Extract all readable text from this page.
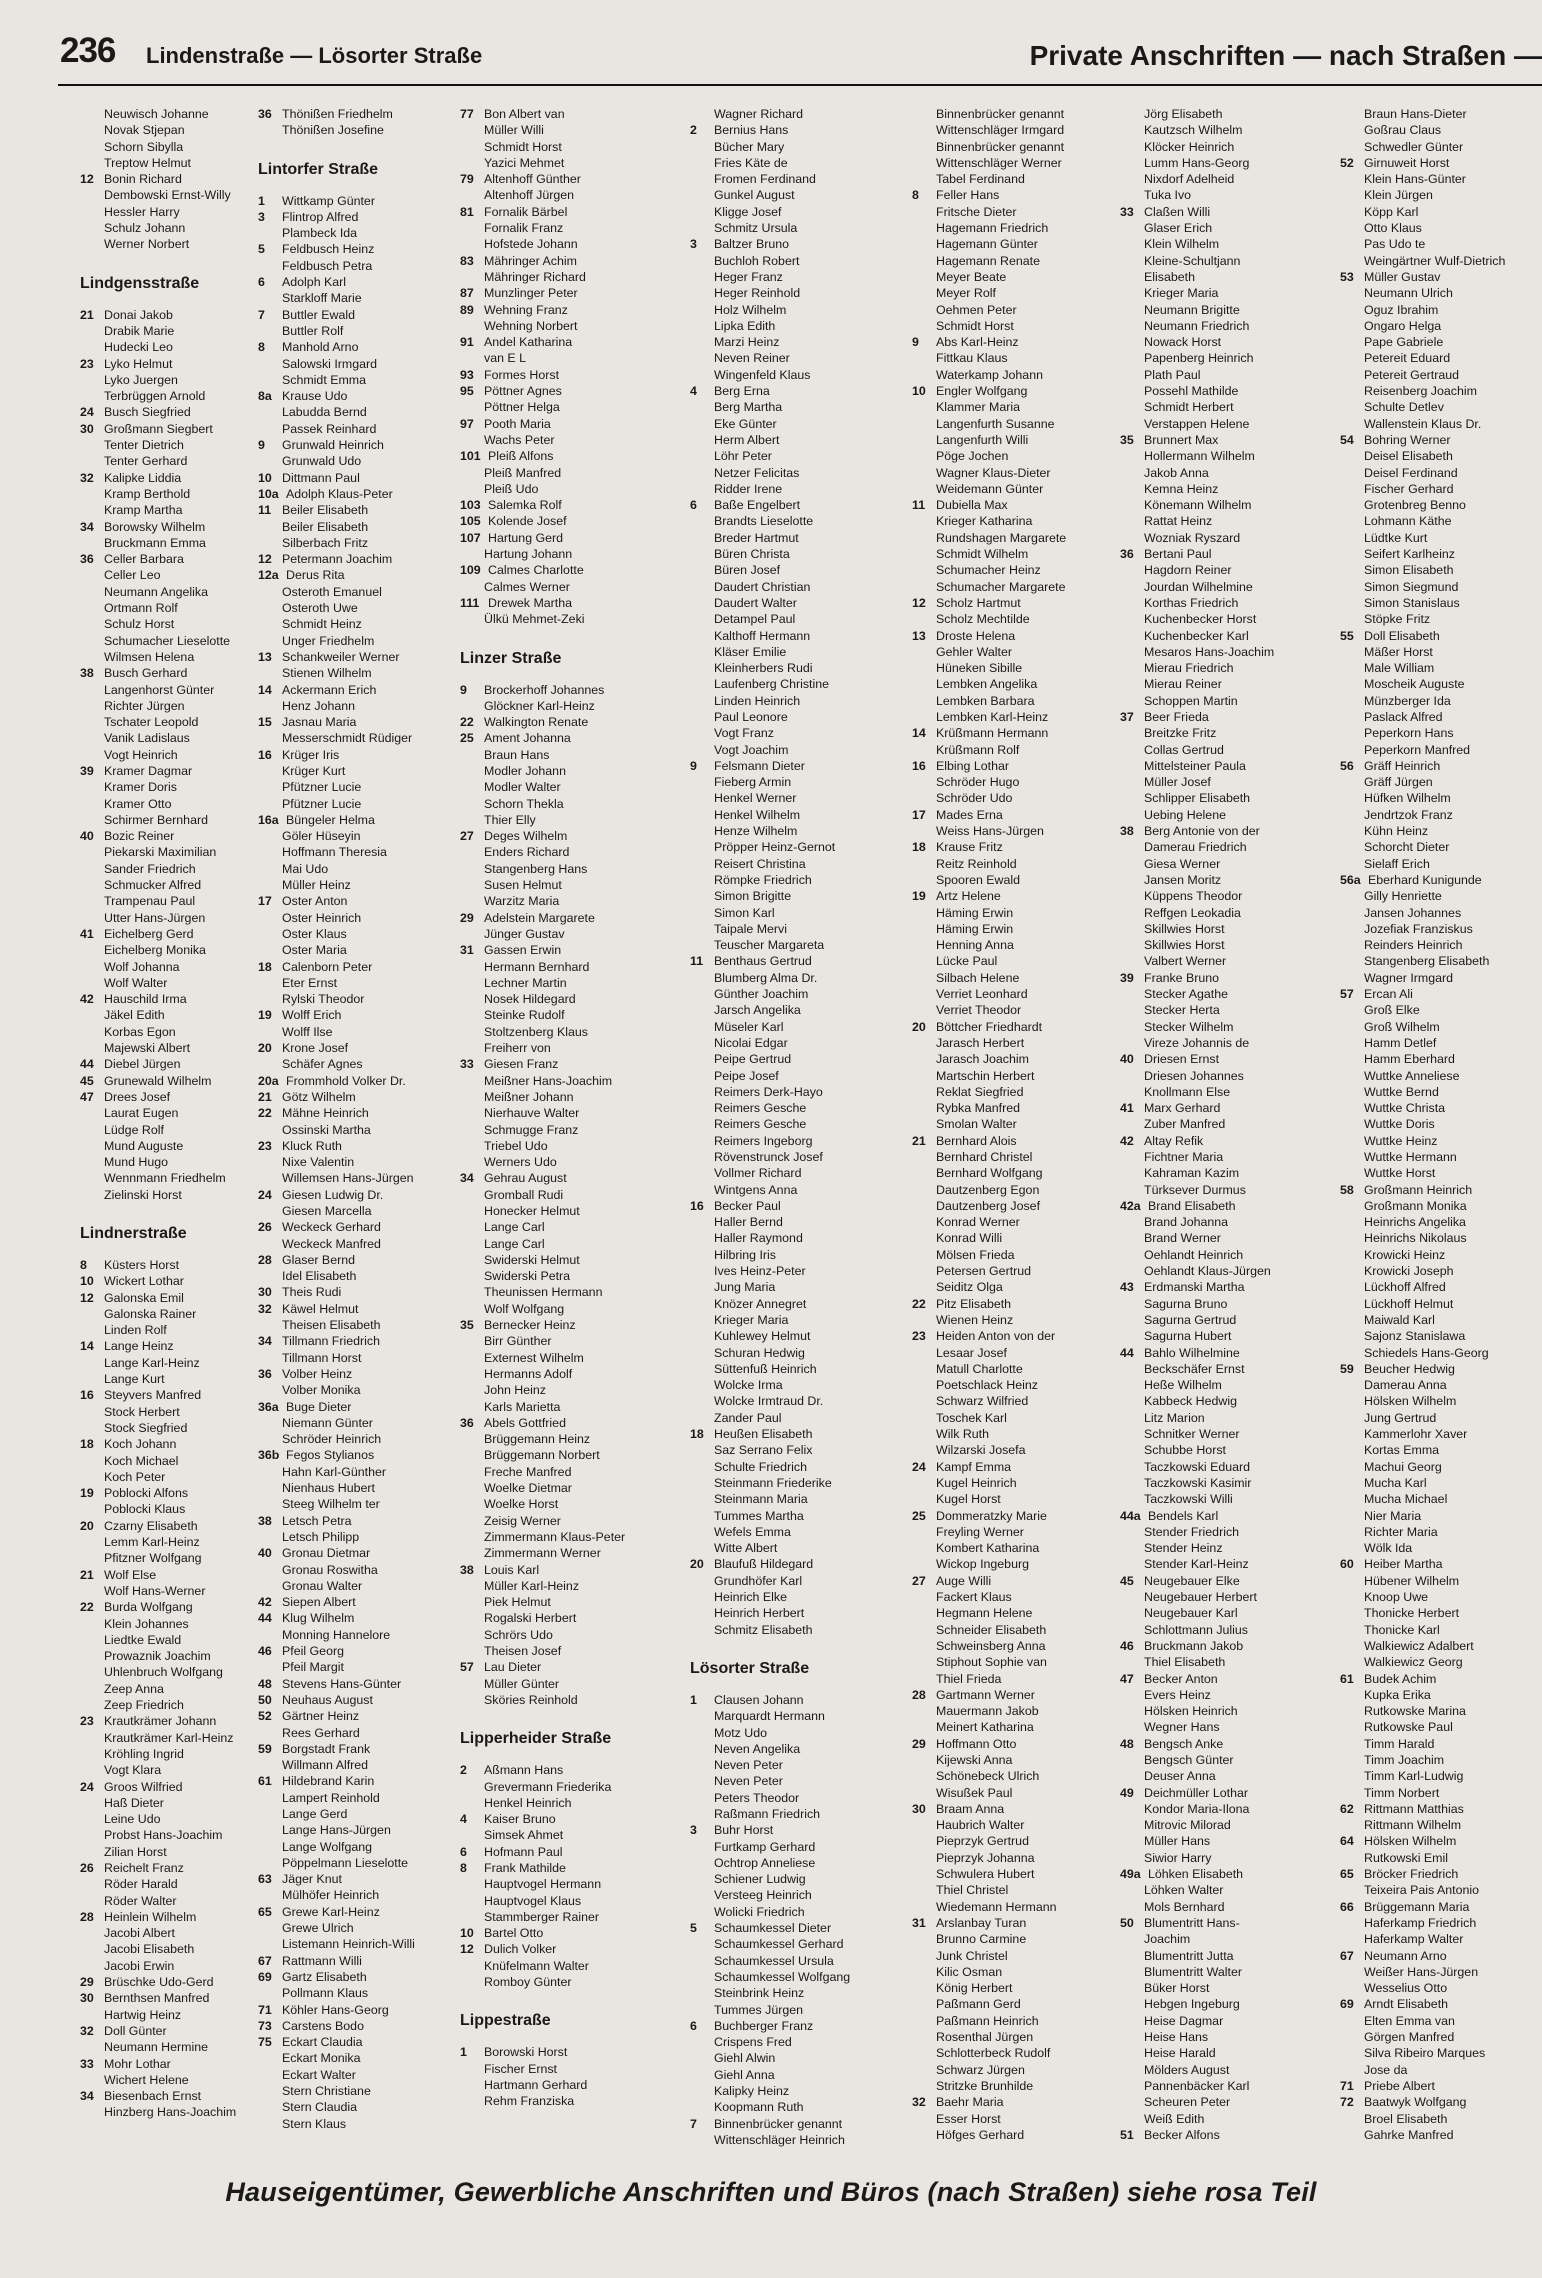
236 Lindenstraße — Lösorter Straße	Private Anschriften — nach Straßen —
Neuwisch Johanne
Novak Stjepan
Schorn Sibylla
Treptow Helmut
12 Bonin Richard
Dembowski Ernst-Willy
Hessler Harry
Schulz Johann
Werner Norbert
Lindgensstraße
21 Donai Jakob
Drabik Marie
Hudecki Leo
23 Lyko Helmut
Lyko Juergen
Terbrüggen Arnold
24 Busch Siegfried
30 Großmann Siegbert
Tenter Dietrich
Tenter Gerhard
32 Kalipke Liddia
Kramp Berthold
Kramp Martha
34 Borowsky Wilhelm
Bruckmann Emma
36 Celler Barbara
Celler Leo
Neumann Angelika
Ortmann Rolf
Schulz Horst
Schumacher Lieselotte
Wilmsen Helena
38 Busch Gerhard
Langenhorst Günter
Richter Jürgen
Tschater Leopold
Vanik Ladislaus
Vogt Heinrich
39 Kramer Dagmar
Kramer Doris
Kramer Otto
Schirmer Bernhard
40 Bozic Reiner
Piekarski Maximilian
Sander Friedrich
Schmucker Alfred
Trampenau Paul
Utter Hans-Jürgen
41 Eichelberg Gerd
Eichelberg Monika
Wolf Johanna
Wolf Walter
42 Hauschild Irma
Jäkel Edith
Korbas Egon
Majewski Albert
44 Diebel Jürgen
45 Grunewald Wilhelm
47 Drees Josef
Laurat Eugen
Lüdge Rolf
Mund Auguste
Mund Hugo
Wennmann Friedhelm
Zielinski Horst
Lindnerstraße
8 Küsters Horst
10 Wickert Lothar
12 Galonska Emil
Galonska Rainer
Linden Rolf
14 Lange Heinz
Lange Karl-Heinz
Lange Kurt
16 Steyvers Manfred
Stock Herbert
Stock Siegfried
18 Koch Johann
Koch Michael
Koch Peter
19 Poblocki Alfons
Poblocki Klaus
20 Czarny Elisabeth
Lemm Karl-Heinz
Pfitzner Wolfgang
21 Wolf Else
Wolf Hans-Werner
22 Burda Wolfgang
Klein Johannes
Liedtke Ewald
Prowaznik Joachim
Uhlenbruch Wolfgang
Zeep Anna
Zeep Friedrich
23 Krautkrämer Johann
Krautkrämer Karl-Heinz
Kröhling Ingrid
Vogt Klara
24 Groos Wilfried
Haß Dieter
Leine Udo
Probst Hans-Joachim
Zilian Horst
26 Reichelt Franz
Röder Harald
Röder Walter
28 Heinlein Wilhelm
Jacobi Albert
Jacobi Elisabeth
Jacobi Erwin
29 Brüschke Udo-Gerd
30 Bernthsen Manfred
Hartwig Heinz
32 Doll Günter
Neumann Hermine
33 Mohr Lothar
Wichert Helene
34 Biesenbach Ernst
Hinzberg Hans-Joachim
36 Thönißen Friedhelm
Thönißen Josefine
Lintorfer Straße
1 Wittkamp Günter
3 Flintrop Alfred
Plambeck Ida
5 Feldbusch Heinz
Feldbusch Petra
6 Adolph Karl
Starkloff Marie
7 Buttler Ewald
Buttler Rolf
8 Manhold Arno
Salowski Irmgard
Schmidt Emma
8a Krause Udo
Labudda Bernd
Passek Reinhard
9 Grunwald Heinrich
Grunwald Udo
10 Dittmann Paul
10a Adolph Klaus-Peter
11 Beiler Elisabeth
Beiler Elisabeth
Silberbach Fritz
12 Petermann Joachim
12a Derus Rita
Osteroth Emanuel
Osteroth Uwe
Schmidt Heinz
Unger Friedhelm
13 Schankweiler Werner
Stienen Wilhelm
14 Ackermann Erich
Henz Johann
15 Jasnau Maria
Messerschmidt Rüdiger
16 Krüger Iris
Krüger Kurt
Pfützner Lucie
Pfützner Lucie
16a Büngeler Helma
Göler Hüseyin
Hoffmann Theresia
Mai Udo
Müller Heinz
17 Oster Anton
Oster Heinrich
Oster Klaus
Oster Maria
18 Calenborn Peter
Eter Ernst
Rylski Theodor
19 Wolff Erich
Wolff Ilse
20 Krone Josef
Schäfer Agnes
20a Frommhold Volker Dr.
21 Götz Wilhelm
22 Mähne Heinrich
Ossinski Martha
23 Kluck Ruth
Nixe Valentin
Willemsen Hans-Jürgen
24 Giesen Ludwig Dr.
Giesen Marcella
26 Weckeck Gerhard
Weckeck Manfred
28 Glaser Bernd
Idel Elisabeth
30 Theis Rudi
32 Käwel Helmut
Theisen Elisabeth
34 Tillmann Friedrich
Tillmann Horst
36 Volber Heinz
Volber Monika
36a Buge Dieter
Niemann Günter
Schröder Heinrich
36b Fegos Stylianos
Hahn Karl-Günther
Nienhaus Hubert
Steeg Wilhelm ter
38 Letsch Petra
Letsch Philipp
40 Gronau Dietmar
Gronau Roswitha
Gronau Walter
42 Siepen Albert
44 Klug Wilhelm
Monning Hannelore
46 Pfeil Georg
Pfeil Margit
48 Stevens Hans-Günter
50 Neuhaus August
52 Gärtner Heinz
Rees Gerhard
59 Borgstadt Frank
Willmann Alfred
61 Hildebrand Karin
Lampert Reinhold
Lange Gerd
Lange Hans-Jürgen
Lange Wolfgang
Pöppelmann Lieselotte
63 Jäger Knut
Mülhöfer Heinrich
65 Grewe Karl-Heinz
Grewe Ulrich
Listemann Heinrich-Willi
67 Rattmann Willi
69 Gartz Elisabeth
Pollmann Klaus
71 Köhler Hans-Georg
73 Carstens Bodo
75 Eckart Claudia
Eckart Monika
Eckart Walter
Stern Christiane
Stern Claudia
Stern Klaus
77 Bon Albert van
Müller Willi
Schmidt Horst
Yazici Mehmet
79 Altenhoff Günther
Altenhoff Jürgen
81 Fornalik Bärbel
Fornalik Franz
Hofstede Johann
83 Mähringer Achim
Mähringer Richard
87 Munzlinger Peter
89 Wehning Franz
Wehning Norbert
91 Andel Katharina
van E L
93 Formes Horst
95 Pöttner Agnes
Pöttner Helga
97 Pooth Maria
Wachs Peter
101 Pleiß Alfons
Pleiß Manfred
Pleiß Udo
103 Salemka Rolf
105 Kolende Josef
107 Hartung Gerd
Hartung Johann
109 Calmes Charlotte
Calmes Werner
111 Drewek Martha
Ülkü Mehmet-Zeki
Linzer Straße
9 Brockerhoff Johannes
Glöckner Karl-Heinz
22 Walkington Renate
25 Ament Johanna
Braun Hans
Modler Johann
Modler Walter
Schorn Thekla
Thier Elly
27 Deges Wilhelm
Enders Richard
Stangenberg Hans
Susen Helmut
Warzitz Maria
29 Adelstein Margarete
Jünger Gustav
31 Gassen Erwin
Hermann Bernhard
Lechner Martin
Nosek Hildegard
Steinke Rudolf
Stoltzenberg Klaus
Freiherr von
33 Giesen Franz
Meißner Hans-Joachim
Meißner Johann
Nierhauve Walter
Schmugge Franz
Triebel Udo
Werners Udo
34 Gehrau August
Gromball Rudi
Honecker Helmut
Lange Carl
Lange Carl
Swiderski Helmut
Swiderski Petra
Theunissen Hermann
Wolf Wolfgang
35 Bernecker Heinz
Birr Günther
Externest Wilhelm
Hermanns Adolf
John Heinz
Karls Marietta
36 Abels Gottfried
Brüggemann Heinz
Brüggemann Norbert
Freche Manfred
Woelke Dietmar
Woelke Horst
Zeisig Werner
Zimmermann Klaus-Peter
Zimmermann Werner
38 Louis Karl
Müller Karl-Heinz
Piek Helmut
Rogalski Herbert
Schrörs Udo
Theisen Josef
57 Lau Dieter
Müller Günter
Sköries Reinhold
Lipperheider Straße
2 Aßmann Hans
Grevermann Friederika
Henkel Heinrich
4 Kaiser Bruno
Simsek Ahmet
6 Hofmann Paul
8 Frank Mathilde
Hauptvogel Hermann
Hauptvogel Klaus
Stammberger Rainer
10 Bartel Otto
12 Dulich Volker
Knüfelmann Walter
Romboy Günter
Lippestraße
1 Borowski Horst
Fischer Ernst
Hartmann Gerhard
Rehm Franziska
Wagner Richard
2 Bernius Hans
Bücher Mary
Fries Käte de
Fromen Ferdinand
Gunkel August
Kligge Josef
Schmitz Ursula
3 Baltzer Bruno
Buchloh Robert
Heger Franz
Heger Reinhold
Holz Wilhelm
Lipka Edith
Marzi Heinz
Neven Reiner
Wingenfeld Klaus
4 Berg Erna
Berg Martha
Eke Günter
Herm Albert
Löhr Peter
Netzer Felicitas
Ridder Irene
6 Baße Engelbert
Brandts Lieselotte
Breder Hartmut
Büren Christa
Büren Josef
Daudert Christian
Daudert Walter
Detampel Paul
Kalthoff Hermann
Kläser Emilie
Kleinherbers Rudi
Laufenberg Christine
Linden Heinrich
Paul Leonore
Vogt Franz
Vogt Joachim
9 Felsmann Dieter
Fieberg Armin
Henkel Werner
Henkel Wilhelm
Henze Wilhelm
Pröpper Heinz-Gernot
Reisert Christina
Römpke Friedrich
Simon Brigitte
Simon Karl
Taipale Mervi
Teuscher Margareta
11 Benthaus Gertrud
Blumberg Alma Dr.
Günther Joachim
Jarsch Angelika
Müseler Karl
Nicolai Edgar
Peipe Gertrud
Peipe Josef
Reimers Derk-Hayo
Reimers Gesche
Reimers Gesche
Reimers Ingeborg
Rövenstrunck Josef
Vollmer Richard
Wintgens Anna
16 Becker Paul
Haller Bernd
Haller Raymond
Hilbring Iris
Ives Heinz-Peter
Jung Maria
Knözer Annegret
Krieger Maria
Kuhlewey Helmut
Schuran Hedwig
Süttenfuß Heinrich
Wolcke Irma
Wolcke Irmtraud Dr.
Zander Paul
18 Heußen Elisabeth
Saz Serrano Felix
Schulte Friedrich
Steinmann Friederike
Steinmann Maria
Tummes Martha
Wefels Emma
Witte Albert
20 Blaufuß Hildegard
Grundhöfer Karl
Heinrich Elke
Heinrich Herbert
Schmitz Elisabeth
Lösorter Straße
1 Clausen Johann
Marquardt Hermann
Motz Udo
Neven Angelika
Neven Peter
Neven Peter
Peters Theodor
Raßmann Friedrich
3 Buhr Horst
Furtkamp Gerhard
Ochtrop Anneliese
Schiener Ludwig
Versteeg Heinrich
Wolicki Friedrich
5 Schaumkessel Dieter
Schaumkessel Gerhard
Schaumkessel Ursula
Schaumkessel Wolfgang
Steinbrink Heinz
Tummes Jürgen
6 Buchberger Franz
Crispens Fred
Giehl Alwin
Giehl Anna
Kalipky Heinz
Koopmann Ruth
7 Binnenbrücker genannt
Wittenschläger Heinrich
Binnenbrücker genannt
Wittenschläger Irmgard
Binnenbrücker genannt
Wittenschläger Werner
Tabel Ferdinand
8 Feller Hans
Fritsche Dieter
Hagemann Friedrich
Hagemann Günter
Hagemann Renate
Meyer Beate
Meyer Rolf
Oehmen Peter
Schmidt Horst
9 Abs Karl-Heinz
Fittkau Klaus
Waterkamp Johann
10 Engler Wolfgang
Klammer Maria
Langenfurth Susanne
Langenfurth Willi
Pöge Jochen
Wagner Klaus-Dieter
Weidemann Günter
11 Dubiella Max
Krieger Katharina
Rundshagen Margarete
Schmidt Wilhelm
Schumacher Heinz
Schumacher Margarete
12 Scholz Hartmut
Scholz Mechtilde
13 Droste Helena
Gehler Walter
Hüneken Sibille
Lembken Angelika
Lembken Barbara
Lembken Karl-Heinz
14 Krüßmann Hermann
Krüßmann Rolf
16 Elbing Lothar
Schröder Hugo
Schröder Udo
17 Mades Erna
Weiss Hans-Jürgen
18 Krause Fritz
Reitz Reinhold
Spooren Ewald
19 Artz Helene
Häming Erwin
Häming Erwin
Henning Anna
Lücke Paul
Silbach Helene
Verriet Leonhard
Verriet Theodor
20 Böttcher Friedhardt
Jarasch Herbert
Jarasch Joachim
Martschin Herbert
Reklat Siegfried
Rybka Manfred
Smolan Walter
21 Bernhard Alois
Bernhard Christel
Bernhard Wolfgang
Dautzenberg Egon
Dautzenberg Josef
Konrad Werner
Konrad Willi
Mölsen Frieda
Petersen Gertrud
Seiditz Olga
22 Pitz Elisabeth
Wienen Heinz
23 Heiden Anton von der
Lesaar Josef
Matull Charlotte
Poetschlack Heinz
Schwarz Wilfried
Toschek Karl
Wilk Ruth
Wilzarski Josefa
24 Kampf Emma
Kugel Heinrich
Kugel Horst
25 Dommeratzky Marie
Freyling Werner
Kombert Katharina
Wickop Ingeburg
27 Auge Willi
Fackert Klaus
Hegmann Helene
Schneider Elisabeth
Schweinsberg Anna
Stiphout Sophie van
Thiel Frieda
28 Gartmann Werner
Mauermann Jakob
Meinert Katharina
29 Hoffmann Otto
Kijewski Anna
Schönebeck Ulrich
Wisußek Paul
30 Braam Anna
Haubrich Walter
Pieprzyk Gertrud
Pieprzyk Johanna
Schwulera Hubert
Thiel Christel
Wiedemann Hermann
31 Arslanbay Turan
Brunno Carmine
Junk Christel
Kilic Osman
König Herbert
Paßmann Gerd
Paßmann Heinrich
Rosenthal Jürgen
Schlotterbeck Rudolf
Schwarz Jürgen
Stritzke Brunhilde
32 Baehr Maria
Esser Horst
Höfges Gerhard
Jörg Elisabeth
Kautzsch Wilhelm
Klöcker Heinrich
Lumm Hans-Georg
Nixdorf Adelheid
Tuka Ivo
33 Claßen Willi
Glaser Erich
Klein Wilhelm
Kleine-Schultjann
Elisabeth
Krieger Maria
Neumann Brigitte
Neumann Friedrich
Nowack Horst
Papenberg Heinrich
Plath Paul
Possehl Mathilde
Schmidt Herbert
Verstappen Helene
35 Brunnert Max
Hollermann Wilhelm
Jakob Anna
Kemna Heinz
Könemann Wilhelm
Rattat Heinz
Wozniak Ryszard
36 Bertani Paul
Hagdorn Reiner
Jourdan Wilhelmine
Korthas Friedrich
Kuchenbecker Horst
Kuchenbecker Karl
Mesaros Hans-Joachim
Mierau Friedrich
Mierau Reiner
Schoppen Martin
37 Beer Frieda
Breitzke Fritz
Collas Gertrud
Mittelsteiner Paula
Müller Josef
Schlipper Elisabeth
Uebing Helene
38 Berg Antonie von der
Damerau Friedrich
Giesa Werner
Jansen Moritz
Küppens Theodor
Reffgen Leokadia
Skillwies Horst
Skillwies Horst
Valbert Werner
39 Franke Bruno
Stecker Agathe
Stecker Herta
Stecker Wilhelm
Vireze Johannis de
40 Driesen Ernst
Driesen Johannes
Knollmann Else
41 Marx Gerhard
Zuber Manfred
42 Altay Refik
Fichtner Maria
Kahraman Kazim
Türksever Durmus
42a Brand Elisabeth
Brand Johanna
Brand Werner
Oehlandt Heinrich
Oehlandt Klaus-Jürgen
43 Erdmanski Martha
Sagurna Bruno
Sagurna Gertrud
Sagurna Hubert
44 Bahlo Wilhelmine
Beckschäfer Ernst
Heße Wilhelm
Kabbeck Hedwig
Litz Marion
Schnitker Werner
Schubbe Horst
Taczkowski Eduard
Taczkowski Kasimir
Taczkowski Willi
44a Bendels Karl
Stender Friedrich
Stender Heinz
Stender Karl-Heinz
45 Neugebauer Elke
Neugebauer Herbert
Neugebauer Karl
Schlottmann Julius
46 Bruckmann Jakob
Thiel Elisabeth
47 Becker Anton
Evers Heinz
Hölsken Heinrich
Wegner Hans
48 Bengsch Anke
Bengsch Günter
Deuser Anna
49 Deichmüller Lothar
Kondor Maria-Ilona
Mitrovic Milorad
Müller Hans
Siwior Harry
49a Löhken Elisabeth
Löhken Walter
Mols Bernhard
50 Blumentritt Hans-
Joachim
Blumentritt Jutta
Blumentritt Walter
Büker Horst
Hebgen Ingeburg
Heise Dagmar
Heise Hans
Heise Harald
Mölders August
Pannenbäcker Karl
Scheuren Peter
Weiß Edith
51 Becker Alfons
Braun Hans-Dieter
Goßrau Claus
Schwedler Günter
52 Girnuweit Horst
Klein Hans-Günter
Klein Jürgen
Köpp Karl
Otto Klaus
Pas Udo te
Weingärtner Wulf-Dietrich
53 Müller Gustav
Neumann Ulrich
Oguz Ibrahim
Ongaro Helga
Pape Gabriele
Petereit Eduard
Petereit Gertraud
Reisenberg Joachim
Schulte Detlev
Wallenstein Klaus Dr.
54 Bohring Werner
Deisel Elisabeth
Deisel Ferdinand
Fischer Gerhard
Grotenbreg Benno
Lohmann Käthe
Lüdtke Kurt
Seifert Karlheinz
Simon Elisabeth
Simon Siegmund
Simon Stanislaus
Stöpke Fritz
55 Doll Elisabeth
Mäßer Horst
Male William
Moscheik Auguste
Münzberger Ida
Paslack Alfred
Peperkorn Hans
Peperkorn Manfred
56 Gräff Heinrich
Gräff Jürgen
Hüfken Wilhelm
Jendrtzok Franz
Kühn Heinz
Schorcht Dieter
Sielaff Erich
56a Eberhard Kunigunde
Gilly Henriette
Jansen Johannes
Jozefiak Franziskus
Reinders Heinrich
Stangenberg Elisabeth
Wagner Irmgard
57 Ercan Ali
Groß Elke
Groß Wilhelm
Hamm Detlef
Hamm Eberhard
Wuttke Anneliese
Wuttke Bernd
Wuttke Christa
Wuttke Doris
Wuttke Heinz
Wuttke Hermann
Wuttke Horst
58 Großmann Heinrich
Großmann Monika
Heinrichs Angelika
Heinrichs Nikolaus
Krowicki Heinz
Krowicki Joseph
Lückhoff Alfred
Lückhoff Helmut
Maiwald Karl
Sajonz Stanislawa
Schiedels Hans-Georg
59 Beucher Hedwig
Damerau Anna
Hölsken Wilhelm
Jung Gertrud
Kammerlohr Xaver
Kortas Emma
Machui Georg
Mucha Karl
Mucha Michael
Nier Maria
Richter Maria
Wölk Ida
60 Heiber Martha
Hübener Wilhelm
Knoop Uwe
Thonicke Herbert
Thonicke Karl
Walkiewicz Adalbert
Walkiewicz Georg
61 Budek Achim
Kupka Erika
Rutkowske Marina
Rutkowske Paul
Timm Harald
Timm Joachim
Timm Karl-Ludwig
Timm Norbert
62 Rittmann Matthias
Rittmann Wilhelm
64 Hölsken Wilhelm
Rutkowski Emil
65 Bröcker Friedrich
Teixeira Pais Antonio
66 Brüggemann Maria
Haferkamp Friedrich
Haferkamp Walter
67 Neumann Arno
Weißer Hans-Jürgen
Wesselius Otto
69 Arndt Elisabeth
Elten Emma van
Görgen Manfred
Silva Ribeiro Marques
Jose da
71 Priebe Albert
72 Baatwyk Wolfgang
Broel Elisabeth
Gahrke Manfred
Hauseigentümer, Gewerbliche Anschriften und Büros (nach Straßen) siehe rosa Teil
